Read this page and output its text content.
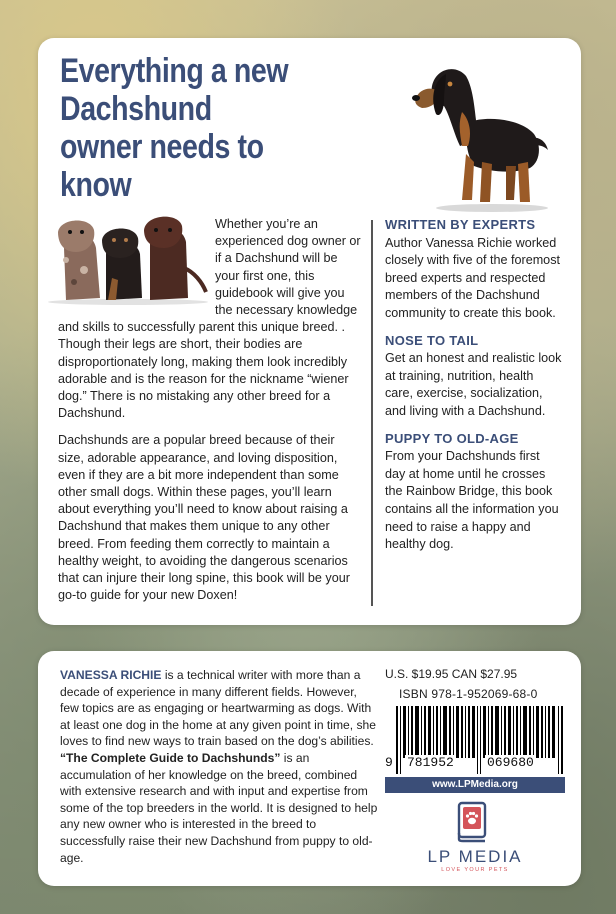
Everything a new Dachshund owner needs to know

Whether you’re an experienced dog owner or if a Dachshund will be your first one, this guidebook will give you the necessary knowledge and skills to successfully parent this unique breed. . Though their legs are short, their bodies are disproportionately long, making them look incredibly adorable and is the reason for the nickname “wiener dog.” There is no mistaking any other breed for a Dachshund.

Dachshunds are a popular breed because of their size, adorable appearance, and loving disposition, even if they are a bit more independent than some other small dogs. Within these pages, you’ll learn about everything you’ll need to know about raising a Dachshund that makes them unique to any other breed. From feeding them correctly to maintain a healthy weight, to avoiding the dangerous scenarios that can injure their long spine, this book will be your go-to guide for your new Doxen!

WRITTEN BY EXPERTS

Author Vanessa Richie worked closely with five of the foremost breed experts and respected members of the Dachshund community to create this book.

NOSE TO TAIL

Get an honest and realistic look at training, nutrition, health care, exercise, socialization, and living with a Dachshund.

PUPPY TO OLD-AGE

From your Dachshunds first day at home until he crosses the Rainbow Bridge, this book contains all the information you need to raise a happy and healthy dog.

VANESSA RICHIE is a technical writer with more than a decade of experience in many different fields. However, few topics are as engaging or heartwarming as dogs. With at least one dog in the home at any given point in time, she loves to find new ways to train based on the dog’s abilities. “The Complete Guide to Dachshunds” is an accumulation of her knowledge on the breed, combined with extensive research and with input and expertise from some of the top breeders in the world. It is designed to help any new owner who is interested in the breed to successfully raise their new Dachshund from puppy to old-age.
U.S. $19.95 CAN $27.95
ISBN 978-1-952069-68-0
9 781952	069680
www.LPMedia.org
LP MEDIA
LOVE YOUR PETS
